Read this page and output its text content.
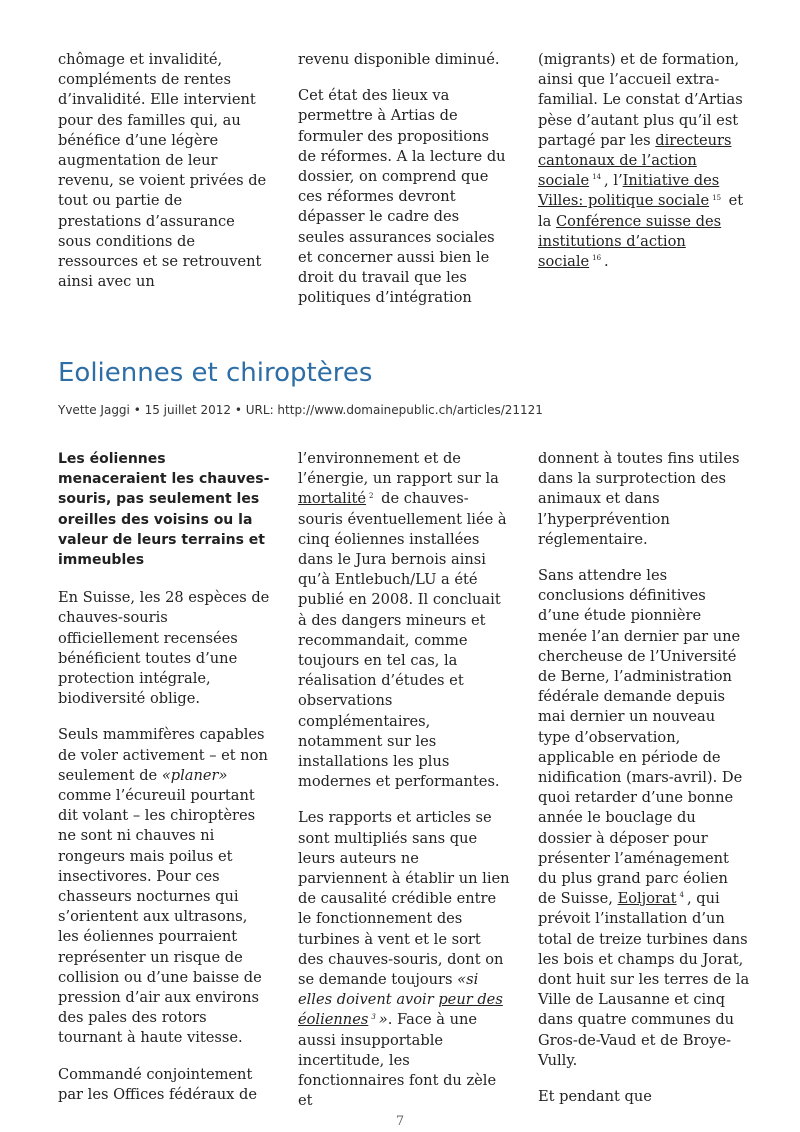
chômage et invalidité, compléments de rentes d’invalidité. Elle intervient pour des familles qui, au bénéfice d’une légère augmentation de leur revenu, se voient privées de tout ou partie de prestations d’assurance sous conditions de ressources et se retrouvent ainsi avec un

revenu disponible diminué.

Cet état des lieux va permettre à Artias de formuler des propositions de réformes. A la lecture du dossier, on comprend que ces réformes devront dépasser le cadre des seules assurances sociales et concerner aussi bien le droit du travail que les politiques d’intégration

(migrants) et de formation, ainsi que l’accueil extra-familial. Le constat d’Artias pèse d’autant plus qu’il est partagé par les directeurs cantonaux de l’action sociale $^{14}$ , l’Initiative des Villes: politique sociale $^{15}$ et la Conférence suisse des institutions d’action sociale $^{16}$ .

Eoliennes et chiroptères
Yvette Jaggi • 15 juillet 2012 • URL: http://www.domainepublic.ch/articles/21121

Les éoliennes menaceraient les chauves-souris, pas seulement les oreilles des voisins ou la valeur de leurs terrains et immeubles

En Suisse, les 28 espèces de chauves-souris officiellement recensées bénéficient toutes d’une protection intégrale, biodiversité oblige.

Seuls mammifères capables de voler activement – et non seulement de «planer» comme l’écureuil pourtant dit volant – les chiroptères ne sont ni chauves ni rongeurs mais poilus et insectivores. Pour ces chasseurs nocturnes qui s’orientent aux ultrasons, les éoliennes pourraient représenter un risque de collision ou d’une baisse de pression d’air aux environs des pales des rotors tournant à haute vitesse.

Commandé conjointement par les Offices fédéraux de

l’environnement et de l’énergie, un rapport sur la mortalité $^2$ de chauves-souris éventuellement liée à cinq éoliennes installées dans le Jura bernois ainsi qu’à Entlebuch/LU a été publié en 2008. Il concluait à des dangers mineurs et recommandait, comme toujours en tel cas, la réalisation d’études et observations complémentaires, notamment sur les installations les plus modernes et performantes.

Les rapports et articles se sont multipliés sans que leurs auteurs ne parviennent à établir un lien de causalité crédible entre le fonctionnement des turbines à vent et le sort des chauves-souris, dont on se demande toujours «si elles doivent avoir peur des éoliennes $^3$ ». Face à une aussi insupportable incertitude, les fonctionnaires font du zèle et

donnent à toutes fins utiles dans la surprotection des animaux et dans l’hyperprévention réglementaire.

Sans attendre les conclusions définitives d’une étude pionnière menée l’an dernier par une chercheuse de l’Université de Berne, l’administration fédérale demande depuis mai dernier un nouveau type d’observation, applicable en période de nidification (mars-avril). De quoi retarder d’une bonne année le bouclage du dossier à déposer pour présenter l’aménagement du plus grand parc éolien de Suisse, Eoljorat $^4$ , qui prévoit l’installation d’un total de treize turbines dans les bois et champs du Jorat, dont huit sur les terres de la Ville de Lausanne et cinq dans quatre communes du Gros-de-Vaud et de Broye-Vully.

Et pendant que

7
